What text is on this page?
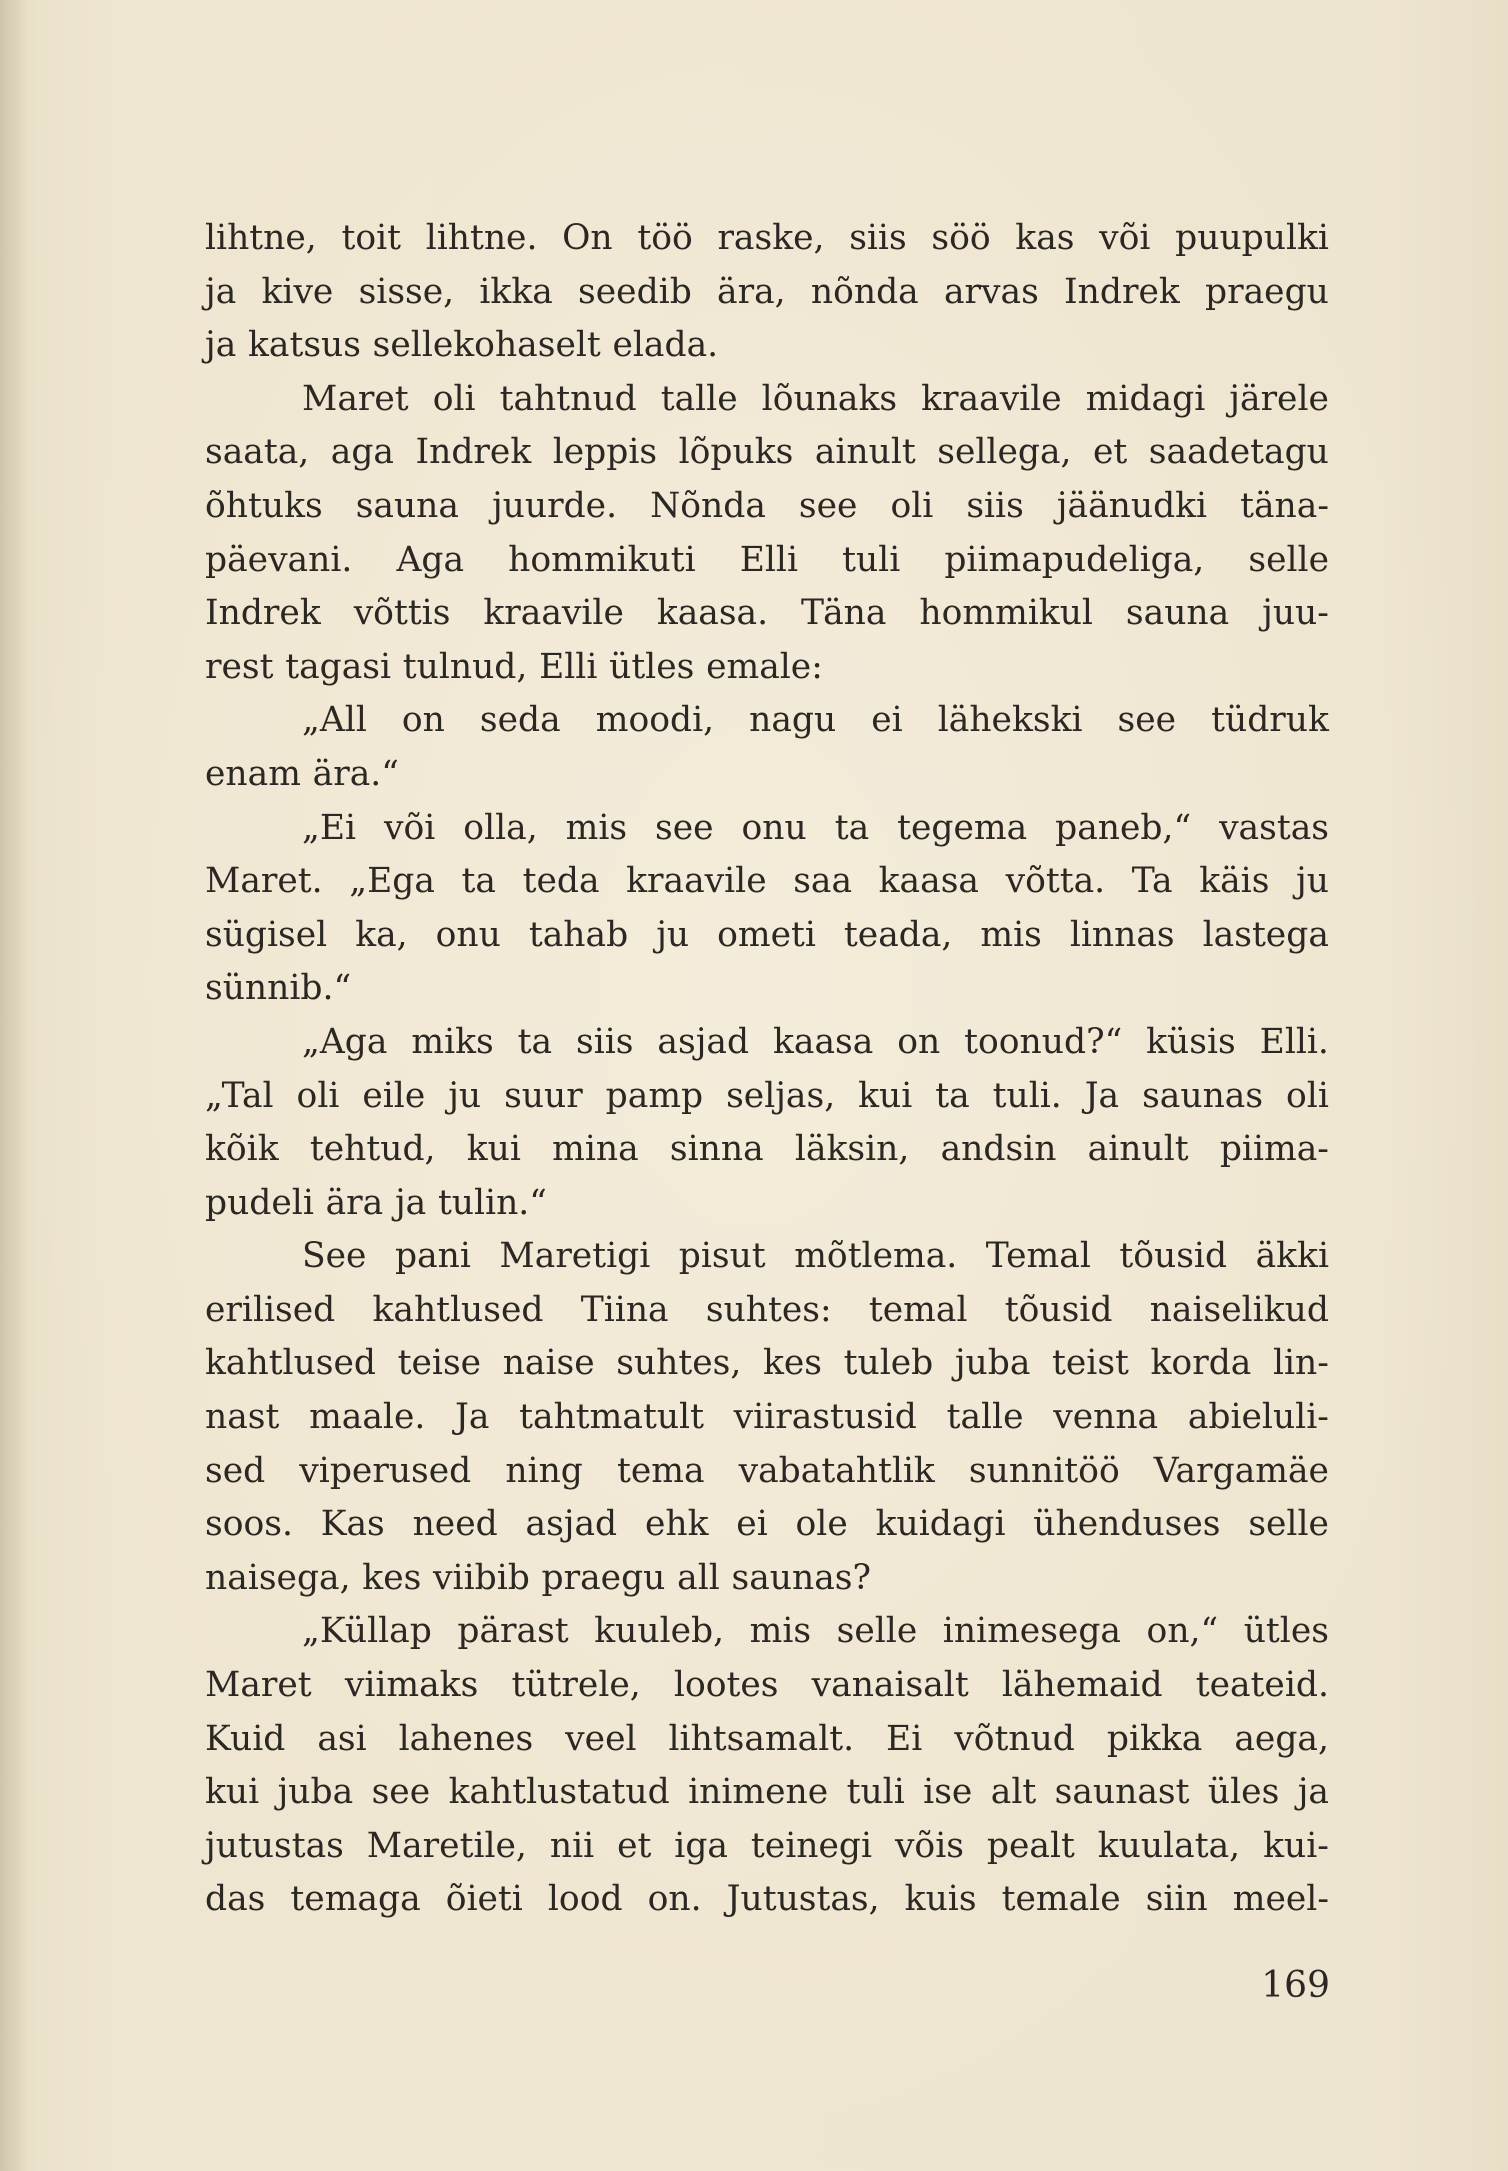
lihtne, toit lihtne. On töö raske, siis söö kas või puupulki
ja kive sisse, ikka seedib ära, nõnda arvas Indrek praegu
ja katsus sellekohaselt elada.
Maret oli tahtnud talle lõunaks kraavile midagi järele
saata, aga Indrek leppis lõpuks ainult sellega, et saadetagu
õhtuks sauna juurde. Nõnda see oli siis jäänudki täna-
päevani. Aga hommikuti Elli tuli piimapudeliga, selle
Indrek võttis kraavile kaasa. Täna hommikul sauna juu-
rest tagasi tulnud, Elli ütles emale:
„All on seda moodi, nagu ei lähekski see tüdruk
enam ära.“
„Ei või olla, mis see onu ta tegema paneb,“ vastas
Maret. „Ega ta teda kraavile saa kaasa võtta. Ta käis ju
sügisel ka, onu tahab ju ometi teada, mis linnas lastega
sünnib.“
„Aga miks ta siis asjad kaasa on toonud?“ küsis Elli.
„Tal oli eile ju suur pamp seljas, kui ta tuli. Ja saunas oli
kõik tehtud, kui mina sinna läksin, andsin ainult piima-
pudeli ära ja tulin.“
See pani Maretigi pisut mõtlema. Temal tõusid äkki
erilised kahtlused Tiina suhtes: temal tõusid naiselikud
kahtlused teise naise suhtes, kes tuleb juba teist korda lin-
nast maale. Ja tahtmatult viirastusid talle venna abieluli-
sed viperused ning tema vabatahtlik sunnitöö Vargamäe
soos. Kas need asjad ehk ei ole kuidagi ühenduses selle
naisega, kes viibib praegu all saunas?
„Küllap pärast kuuleb, mis selle inimesega on,“ ütles
Maret viimaks tütrele, lootes vanaisalt lähemaid teateid.
Kuid asi lahenes veel lihtsamalt. Ei võtnud pikka aega,
kui juba see kahtlustatud inimene tuli ise alt saunast üles ja
jutustas Maretile, nii et iga teinegi võis pealt kuulata, kui-
das temaga õieti lood on. Jutustas, kuis temale siin meel-
169
